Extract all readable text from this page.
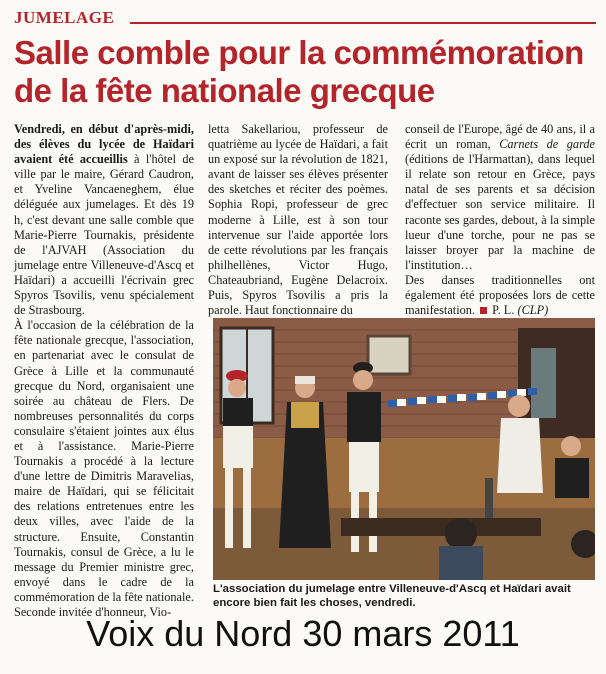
JUMELAGE
Salle comble pour la commémoration de la fête nationale grecque

Vendredi, en début d'après-midi, des élèves du lycée de Haïdari avaient été accueillis à l'hôtel de ville par le maire, Gérard Caudron, et Yveline Vancaeneghem, élue déléguée aux jumelages. Et dès 19 h, c'est devant une salle comble que Marie-Pierre Tournakis, présidente de l'AJVAH (Association du jumelage entre Villeneuve-d'Ascq et Haïdari) a accueilli l'écrivain grec Spyros Tsovilis, venu spécialement de Strasbourg.

À l'occasion de la célébration de la fête nationale grecque, l'association, en partenariat avec le consulat de Grèce à Lille et la communauté grecque du Nord, organisaient une soirée au château de Flers. De nombreuses personnalités du corps consulaire s'étaient jointes aux élus et à l'assistance. Marie-Pierre Tournakis a procédé à la lecture d'une lettre de Dimitris Maravelias, maire de Haïdari, qui se félicitait des relations entretenues entre les deux villes, avec l'aide de la structure. Ensuite, Constantin Tournakis, consul de Grèce, a lu le message du Premier ministre grec, envoyé dans le cadre de la commémoration de la fête nationale.

Seconde invitée d'honneur, Vio-

letta Sakellariou, professeur de quatrième au lycée de Haïdari, a fait un exposé sur la révolution de 1821, avant de laisser ses élèves présenter des sketches et réciter des poèmes. Sophia Ropi, professeur de grec moderne à Lille, est à son tour intervenue sur l'aide apportée lors de cette révolutions par les français philhellènes, Victor Hugo, Chateaubriand, Eugène Delacroix. Puis, Spyros Tsovilis a pris la parole. Haut fonctionnaire du

conseil de l'Europe, âgé de 40 ans, il a écrit un roman, Carnets de garde (éditions de l'Harmattan), dans lequel il relate son retour en Grèce, pays natal de ses parents et sa décision d'effectuer son service militaire. Il raconte ses gardes, debout, à la simple lueur d'une torche, pour ne pas se laisser broyer par la machine de l'institution…

Des danses traditionnelles ont également été proposées lors de cette manifestation. P. L. (CLP)

L'association du jumelage entre Villeneuve-d'Ascq et Haïdari avait encore bien fait les choses, vendredi.
Voix du Nord 30 mars 2011
